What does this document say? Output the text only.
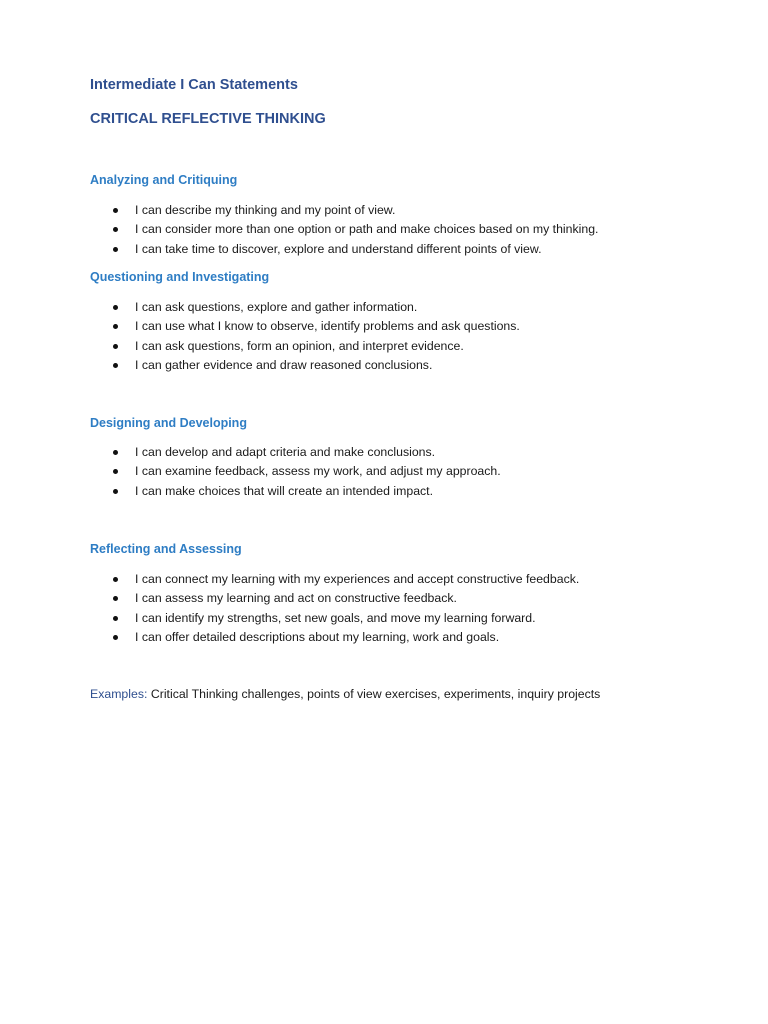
Intermediate I Can Statements
CRITICAL REFLECTIVE THINKING
Analyzing and Critiquing
I can describe my thinking and my point of view.
I can consider more than one option or path and make choices based on my thinking.
I can take time to discover, explore and understand different points of view.
Questioning and Investigating
I can ask questions, explore and gather information.
I can use what I know to observe, identify problems and ask questions.
I can ask questions, form an opinion, and interpret evidence.
I can gather evidence and draw reasoned conclusions.
Designing and Developing
I can develop and adapt criteria and make conclusions.
I can examine feedback, assess my work, and adjust my approach.
I can make choices that will create an intended impact.
Reflecting and Assessing
I can connect my learning with my experiences and accept constructive feedback.
I can assess my learning and act on constructive feedback.
I can identify my strengths, set new goals, and move my learning forward.
I can offer detailed descriptions about my learning, work and goals.

Examples: Critical Thinking challenges, points of view exercises, experiments, inquiry projects
